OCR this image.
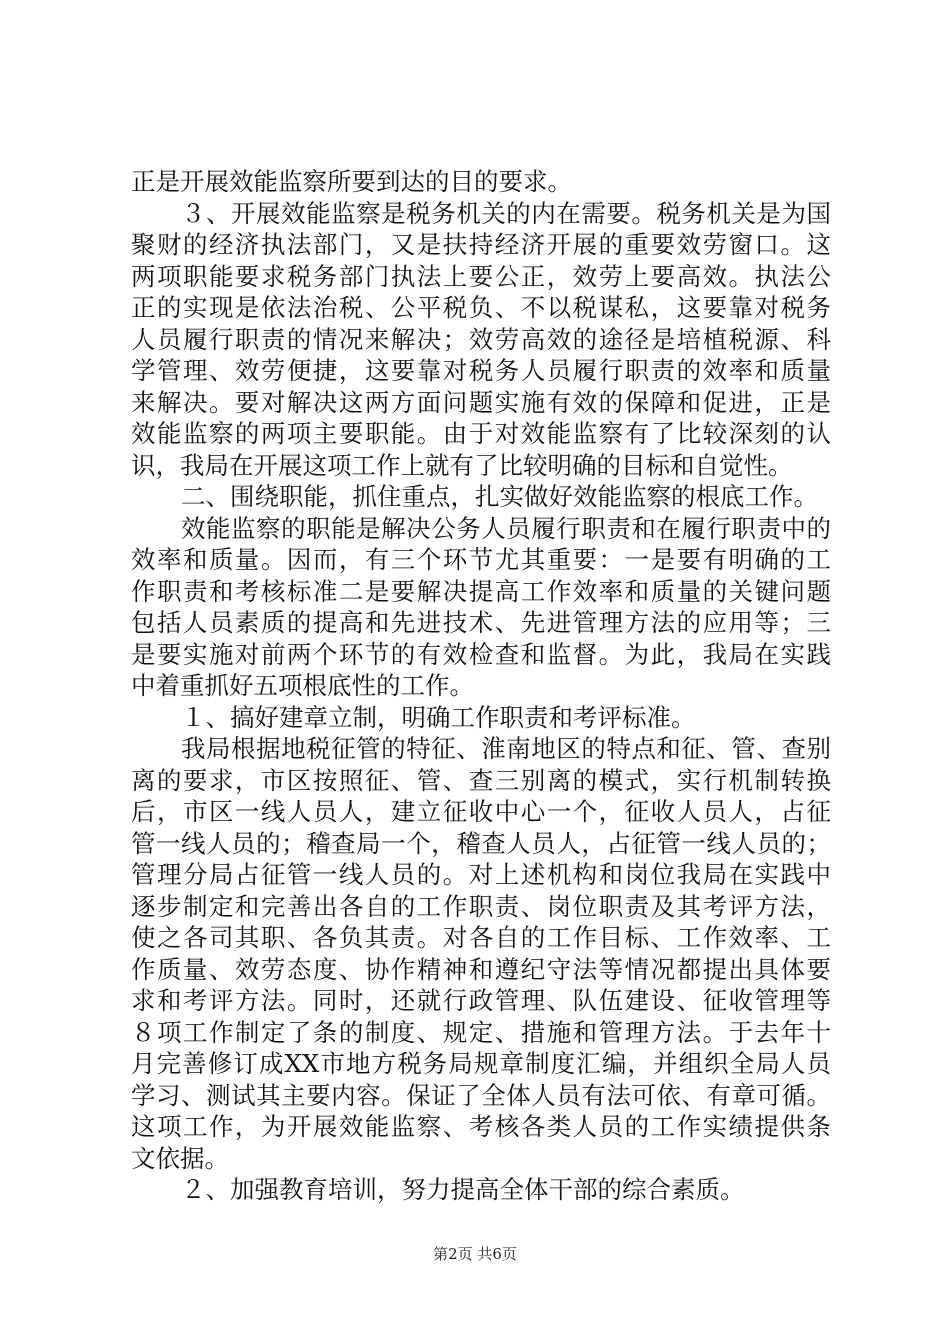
正是开展效能监察所要到达的目的要求。
３、开展效能监察是税务机关的内在需要。税务机关是为国
聚财的经济执法部门，又是扶持经济开展的重要效劳窗口。这
两项职能要求税务部门执法上要公正，效劳上要高效。执法公
正的实现是依法治税、公平税负、不以税谋私，这要靠对税务
人员履行职责的情况来解决；效劳高效的途径是培植税源、科
学管理、效劳便捷，这要靠对税务人员履行职责的效率和质量
来解决。要对解决这两方面问题实施有效的保障和促进，正是
效能监察的两项主要职能。由于对效能监察有了比较深刻的认
识，我局在开展这项工作上就有了比较明确的目标和自觉性。
二、围绕职能，抓住重点，扎实做好效能监察的根底工作。
效能监察的职能是解决公务人员履行职责和在履行职责中的
效率和质量。因而，有三个环节尤其重要：一是要有明确的工
作职责和考核标准二是要解决提高工作效率和质量的关键问题
包括人员素质的提高和先进技术、先进管理方法的应用等；三
是要实施对前两个环节的有效检查和监督。为此，我局在实践
中着重抓好五项根底性的工作。
１、搞好建章立制，明确工作职责和考评标准。
我局根据地税征管的特征、淮南地区的特点和征、管、查别
离的要求，市区按照征、管、查三别离的模式，实行机制转换
后，市区一线人员人，建立征收中心一个，征收人员人，占征
管一线人员的；稽查局一个，稽查人员人，占征管一线人员的；
管理分局占征管一线人员的。对上述机构和岗位我局在实践中
逐步制定和完善出各自的工作职责、岗位职责及其考评方法，
使之各司其职、各负其责。对各自的工作目标、工作效率、工
作质量、效劳态度、协作精神和遵纪守法等情况都提出具体要
求和考评方法。同时，还就行政管理、队伍建设、征收管理等
８项工作制定了条的制度、规定、措施和管理方法。于去年十
月完善修订成XX市地方税务局规章制度汇编，并组织全局人员
学习、测试其主要内容。保证了全体人员有法可依、有章可循。
这项工作，为开展效能监察、考核各类人员的工作实绩提供条
文依据。
２、加强教育培训，努力提高全体干部的综合素质。
第2页 共6页
